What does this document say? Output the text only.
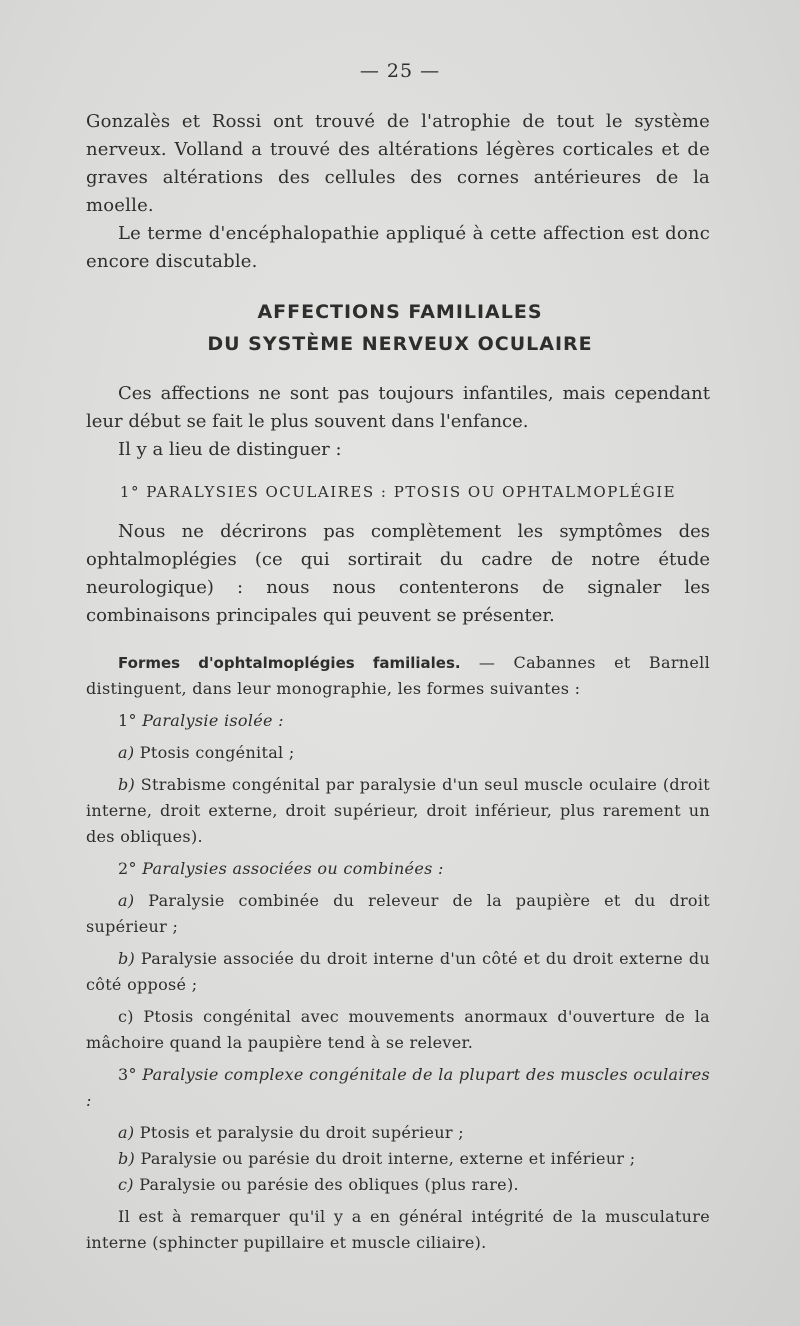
— 25 —

Gonzalès et Rossi ont trouvé de l'atrophie de tout le système nerveux. Volland a trouvé des altérations légères corticales et de graves altérations des cellules des cornes antérieures de la moelle.

Le terme d'encéphalopathie appliqué à cette affection est donc encore discutable.

AFFECTIONS FAMILIALES
DU SYSTÈME NERVEUX OCULAIRE

Ces affections ne sont pas toujours infantiles, mais cependant leur début se fait le plus souvent dans l'enfance.

Il y a lieu de distinguer :

1° PARALYSIES OCULAIRES : PTOSIS OU OPHTALMOPLÉGIE

Nous ne décrirons pas complètement les symptômes des ophtalmoplégies (ce qui sortirait du cadre de notre étude neurologique) : nous nous contenterons de signaler les combinaisons principales qui peuvent se présenter.

Formes d'ophtalmoplégies familiales. — Cabannes et Barnell distinguent, dans leur monographie, les formes suivantes :

1° Paralysie isolée :

a) Ptosis congénital ;

b) Strabisme congénital par paralysie d'un seul muscle oculaire (droit interne, droit externe, droit supérieur, droit inférieur, plus rarement un des obliques).

2° Paralysies associées ou combinées :

a) Paralysie combinée du releveur de la paupière et du droit supérieur ;

b) Paralysie associée du droit interne d'un côté et du droit externe du côté opposé ;

c) Ptosis congénital avec mouvements anormaux d'ouverture de la mâchoire quand la paupière tend à se relever.

3° Paralysie complexe congénitale de la plupart des muscles oculaires :

a) Ptosis et paralysie du droit supérieur ;

b) Paralysie ou parésie du droit interne, externe et inférieur ;

c) Paralysie ou parésie des obliques (plus rare).

Il est à remarquer qu'il y a en général intégrité de la musculature interne (sphincter pupillaire et muscle ciliaire).
